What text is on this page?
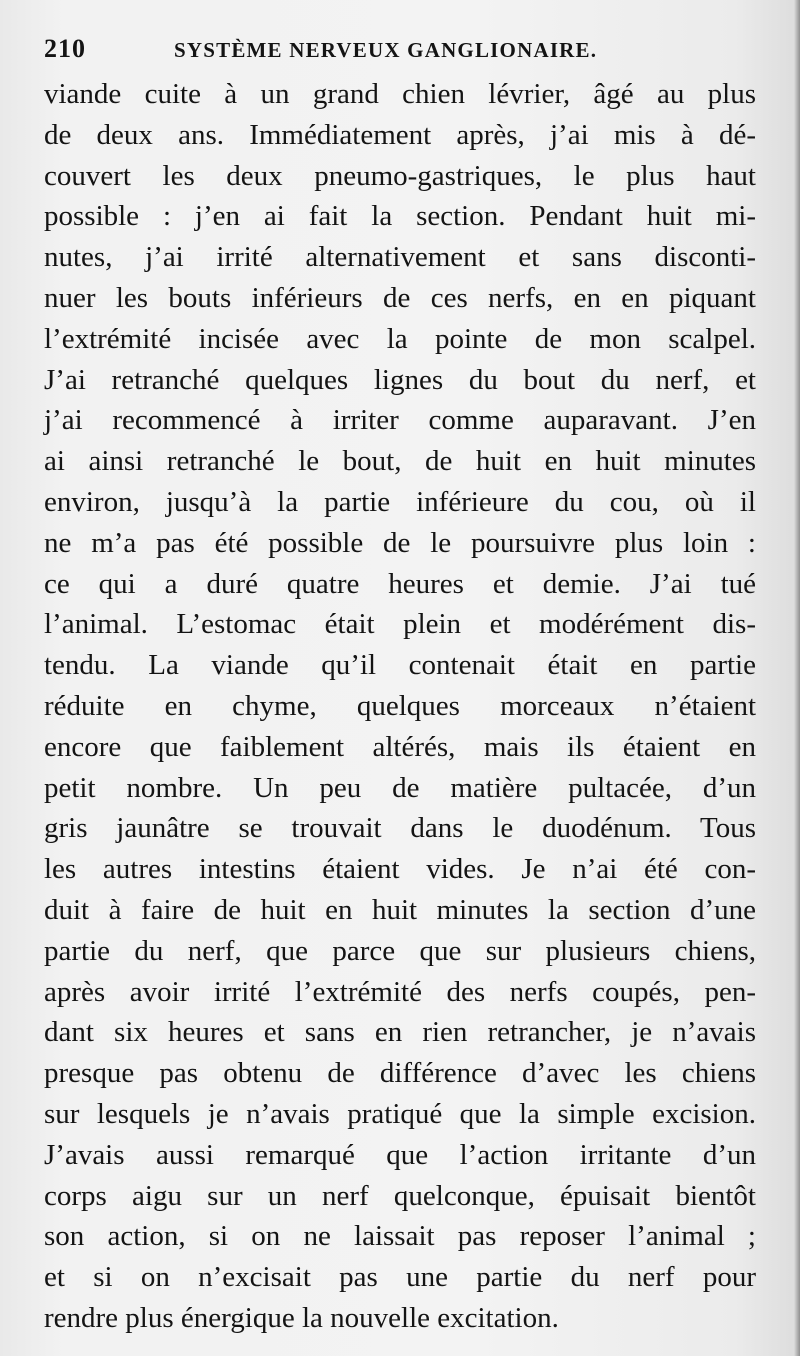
210	SYSTÈME NERVEUX GANGLIONAIRE.
viande cuite à un grand chien lévrier, âgé au plus
de deux ans. Immédiatement après, j’ai mis à dé-
couvert les deux pneumo-gastriques, le plus haut
possible : j’en ai fait la section. Pendant huit mi-
nutes, j’ai irrité alternativement et sans disconti-
nuer les bouts inférieurs de ces nerfs, en en piquant
l’extrémité incisée avec la pointe de mon scalpel.
J’ai retranché quelques lignes du bout du nerf, et
j’ai recommencé à irriter comme auparavant. J’en
ai ainsi retranché le bout, de huit en huit minutes
environ, jusqu’à la partie inférieure du cou, où il
ne m’a pas été possible de le poursuivre plus loin :
ce qui a duré quatre heures et demie. J’ai tué
l’animal. L’estomac était plein et modérément dis-
tendu. La viande qu’il contenait était en partie
réduite en chyme, quelques morceaux n’étaient
encore que faiblement altérés, mais ils étaient en
petit nombre. Un peu de matière pultacée, d’un
gris jaunâtre se trouvait dans le duodénum. Tous
les autres intestins étaient vides. Je n’ai été con-
duit à faire de huit en huit minutes la section d’une
partie du nerf, que parce que sur plusieurs chiens,
après avoir irrité l’extrémité des nerfs coupés, pen-
dant six heures et sans en rien retrancher, je n’avais
presque pas obtenu de différence d’avec les chiens
sur lesquels je n’avais pratiqué que la simple excision.
J’avais aussi remarqué que l’action irritante d’un
corps aigu sur un nerf quelconque, épuisait bientôt
son action, si on ne laissait pas reposer l’animal ;
et si on n’excisait pas une partie du nerf pour
rendre plus énergique la nouvelle excitation.
